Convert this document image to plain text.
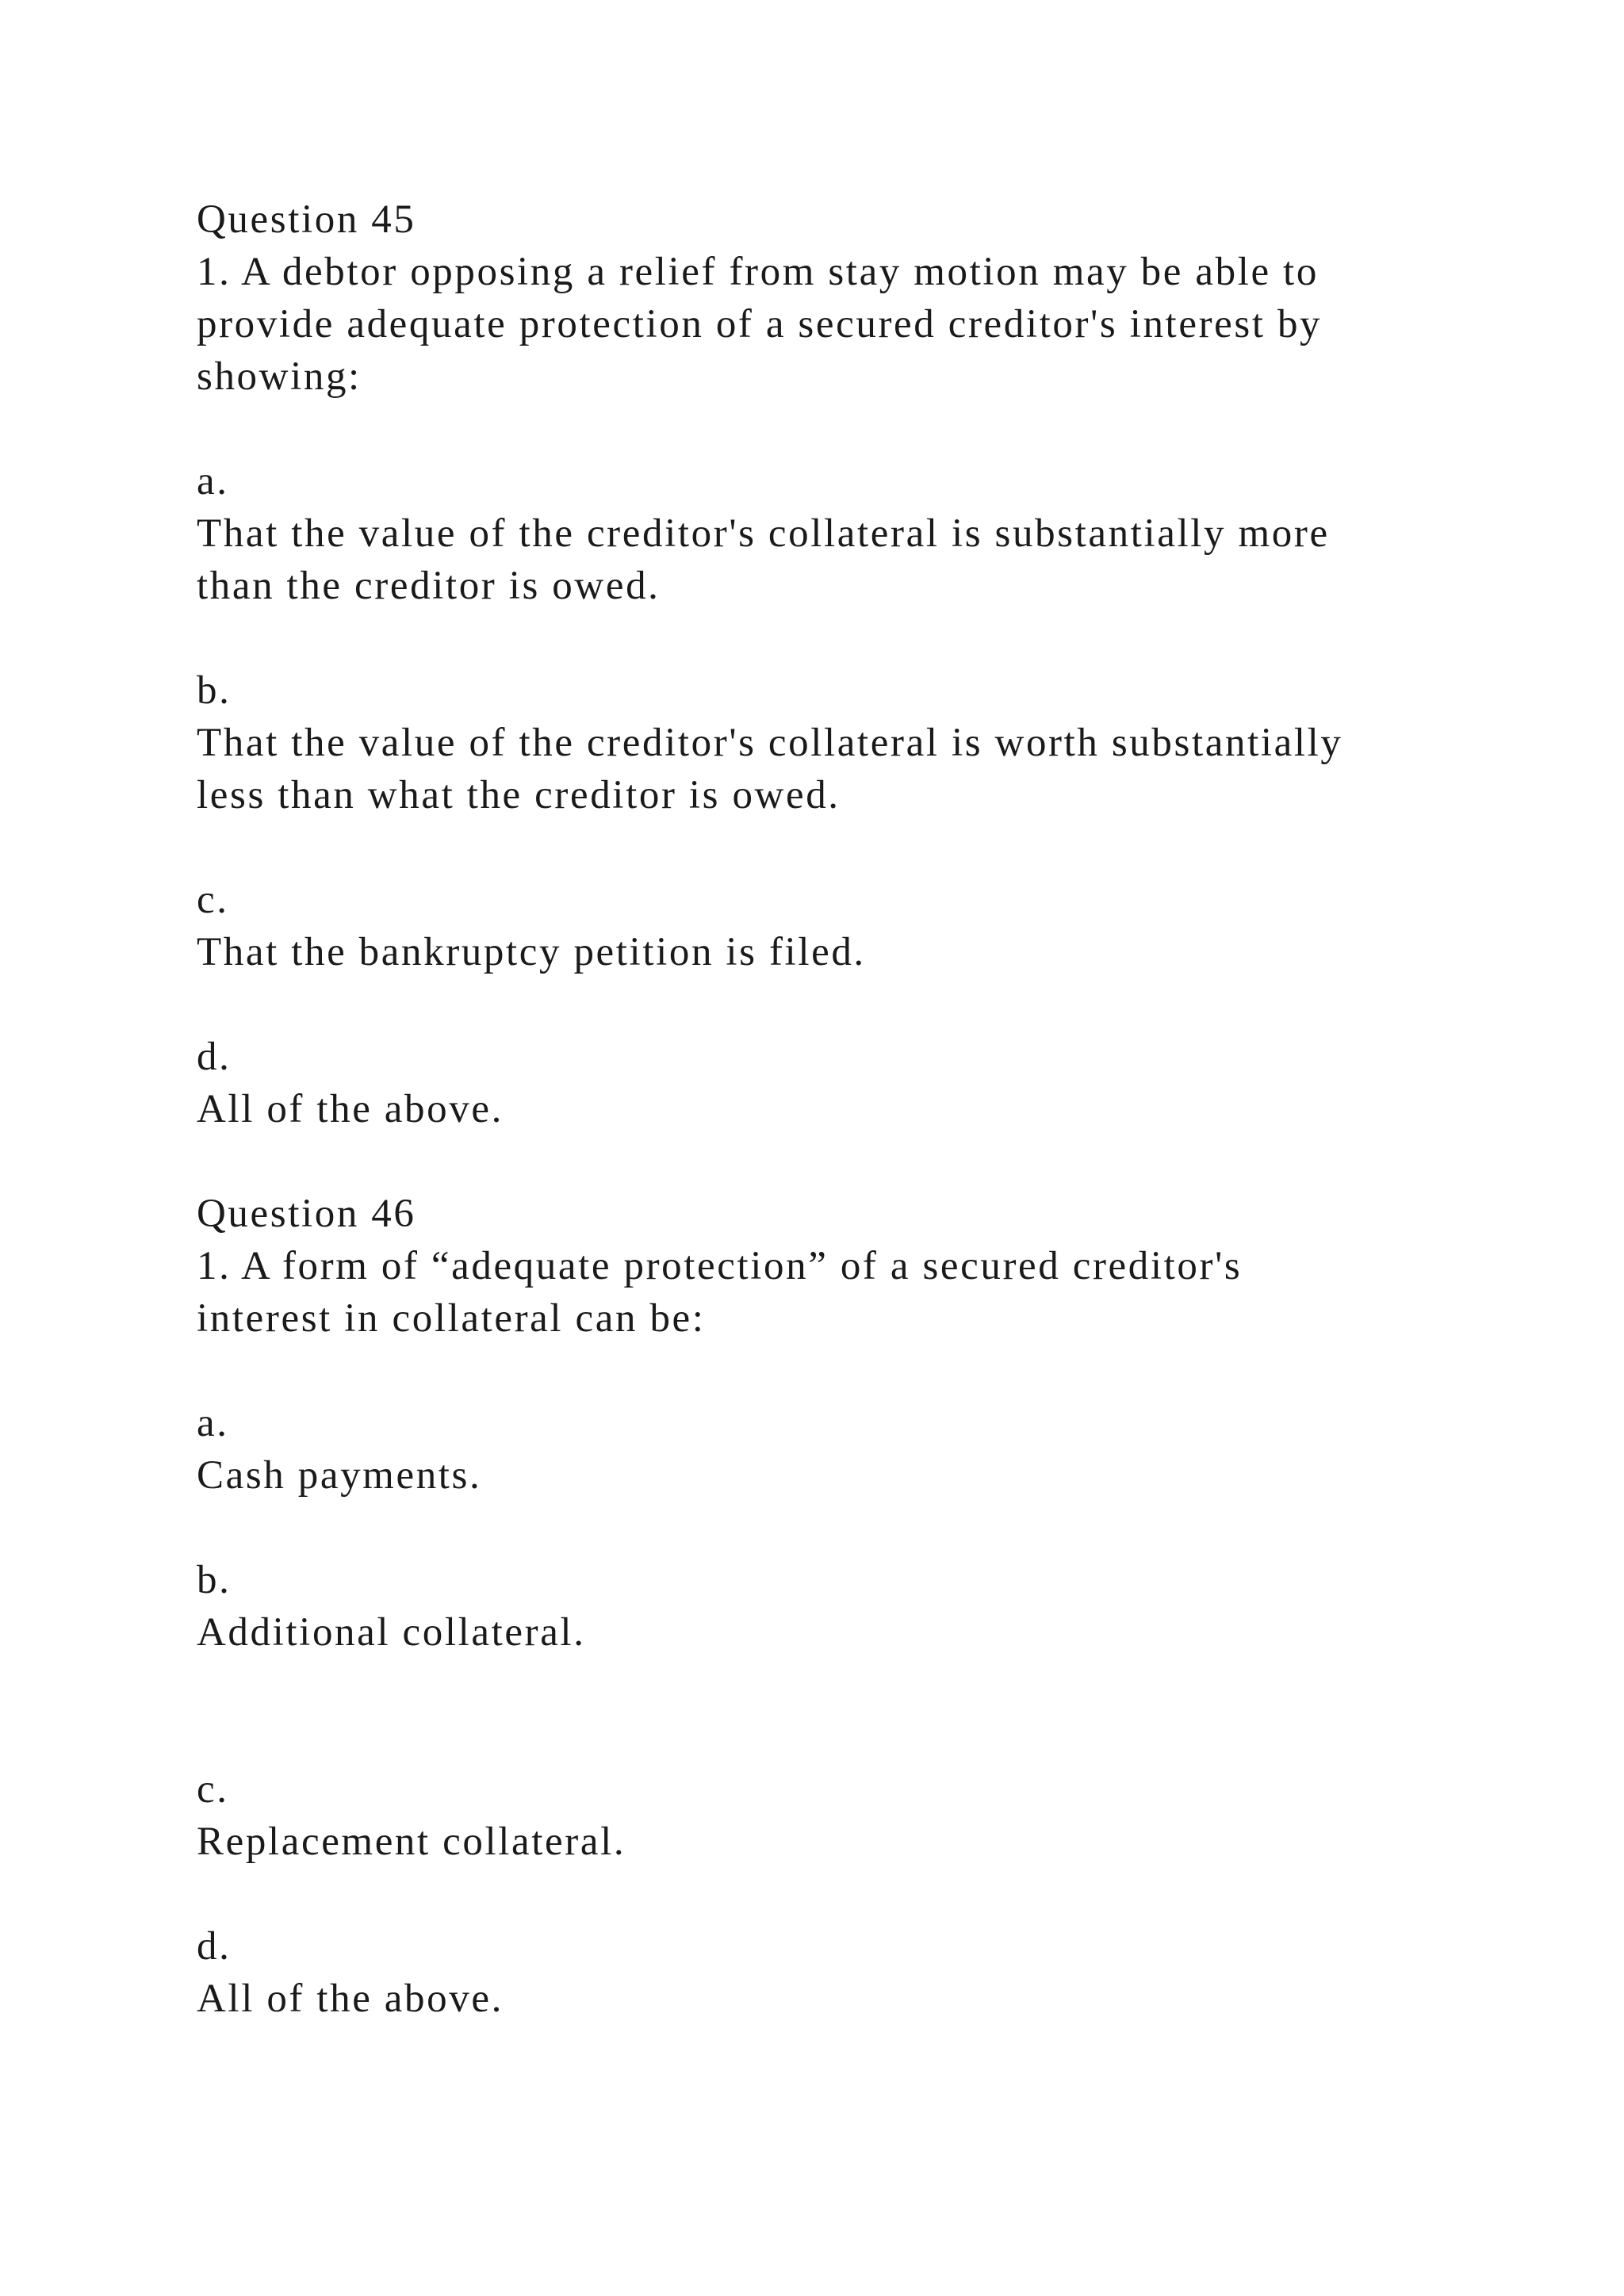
Question 45

1. A debtor opposing a relief from stay motion may be able to

provide adequate protection of a secured creditor's interest by

showing:

a.

That the value of the creditor's collateral is substantially more

than the creditor is owed.

b.

That the value of the creditor's collateral is worth substantially

less than what the creditor is owed.

c.

That the bankruptcy petition is filed.

d.

All of the above.

Question 46

1. A form of “adequate protection” of a secured creditor's

interest in collateral can be:

a.

Cash payments.

b.

Additional collateral.

c.

Replacement collateral.

d.

All of the above.
